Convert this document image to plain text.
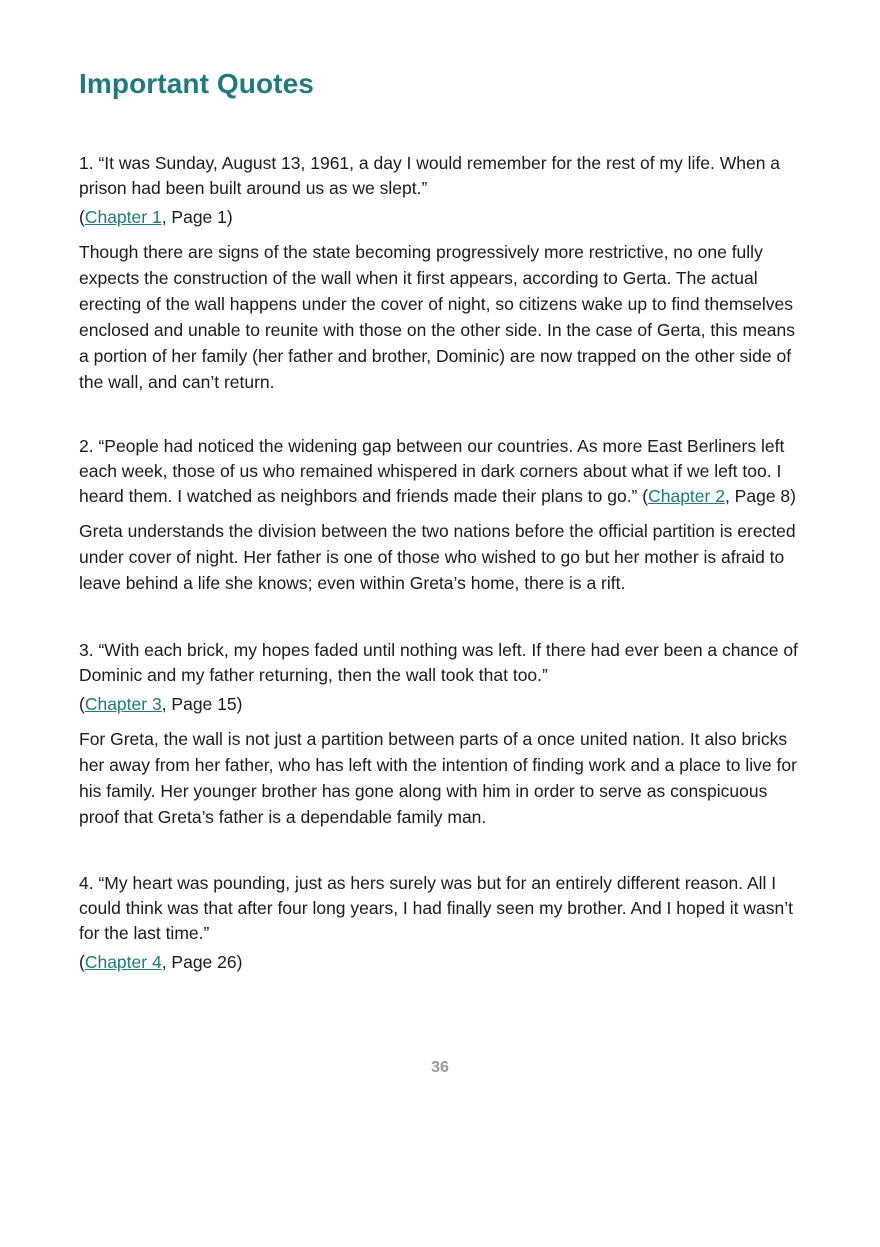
Important Quotes

1. “It was Sunday, August 13, 1961, a day I would remember for the rest of my life. When a prison had been built around us as we slept.”

(Chapter 1, Page 1)

Though there are signs of the state becoming progressively more restrictive, no one fully expects the construction of the wall when it first appears, according to Gerta. The actual erecting of the wall happens under the cover of night, so citizens wake up to find themselves enclosed and unable to reunite with those on the other side. In the case of Gerta, this means a portion of her family (her father and brother, Dominic) are now trapped on the other side of the wall, and can’t return.

2. “People had noticed the widening gap between our countries. As more East Berliners left each week, those of us who remained whispered in dark corners about what if we left too. I heard them. I watched as neighbors and friends made their plans to go.” (Chapter 2, Page 8)

Greta understands the division between the two nations before the official partition is erected under cover of night. Her father is one of those who wished to go but her mother is afraid to leave behind a life she knows; even within Greta’s home, there is a rift.

3. “With each brick, my hopes faded until nothing was left. If there had ever been a chance of Dominic and my father returning, then the wall took that too.”

(Chapter 3, Page 15)

For Greta, the wall is not just a partition between parts of a once united nation. It also bricks her away from her father, who has left with the intention of finding work and a place to live for his family. Her younger brother has gone along with him in order to serve as conspicuous proof that Greta’s father is a dependable family man.

4. “My heart was pounding, just as hers surely was but for an entirely different reason. All I could think was that after four long years, I had finally seen my brother. And I hoped it wasn’t for the last time.”

(Chapter 4, Page 26)

36
